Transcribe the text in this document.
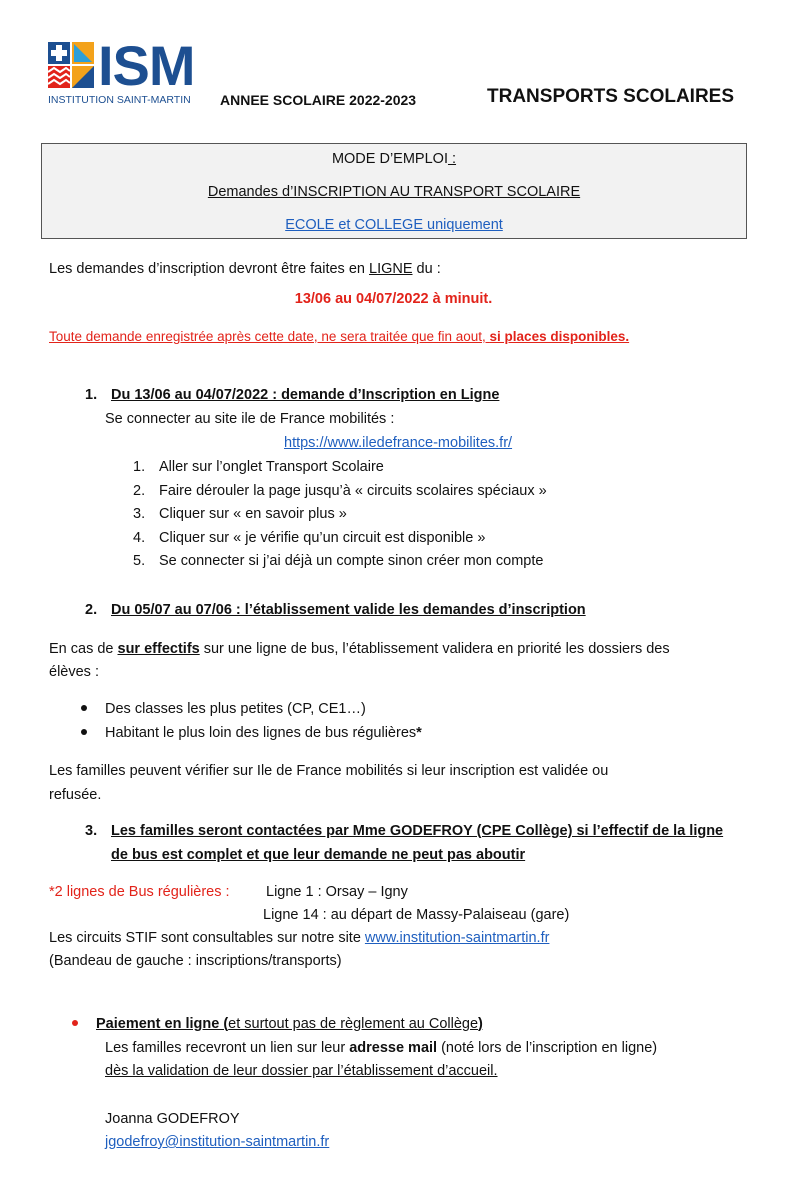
ISM
INSTITUTION SAINT-MARTIN ANNEE SCOLAIRE 2022-2023	TRANSPORTS SCOLAIRES
MODE D’EMPLOI :
Demandes d’INSCRIPTION AU TRANSPORT SCOLAIRE
ECOLE et COLLEGE uniquement
Les demandes d’inscription devront être faites en LIGNE du :
13/06 au 04/07/2022 à minuit.
Toute demande enregistrée après cette date, ne sera traitée que fin aout, si places disponibles.
1. Du 13/06 au 04/07/2022 : demande d’Inscription en Ligne
Se connecter au site ile de France mobilités :
https://www.iledefrance-mobilites.fr/
1. Aller sur l’onglet Transport Scolaire
2. Faire dérouler la page jusqu’à « circuits scolaires spéciaux »
3. Cliquer sur « en savoir plus »
4. Cliquer sur « je vérifie qu’un circuit est disponible »
5. Se connecter si j’ai déjà un compte sinon créer mon compte
2. Du 05/07 au 07/06 : l’établissement valide les demandes d’inscription
En cas de sur effectifs sur une ligne de bus, l’établissement validera en priorité les dossiers des
élèves :
Des classes les plus petites (CP, CE1…)
Habitant le plus loin des lignes de bus régulières*
Les familles peuvent vérifier sur Ile de France mobilités si leur inscription est validée ou
refusée.
3. Les familles seront contactées par Mme GODEFROY (CPE Collège) si l’effectif de la ligne
de bus est complet et que leur demande ne peut pas aboutir
*2 lignes de Bus régulières :	Ligne 1 : Orsay – Igny
Ligne 14 : au départ de Massy-Palaiseau (gare)
Les circuits STIF sont consultables sur notre site www.institution-saintmartin.fr
(Bandeau de gauche : inscriptions/transports)
Paiement en ligne (et surtout pas de règlement au Collège)
Les familles recevront un lien sur leur adresse mail (noté lors de l’inscription en ligne)
dès la validation de leur dossier par l’établissement d’accueil.
Joanna GODEFROY
jgodefroy@institution-saintmartin.fr
